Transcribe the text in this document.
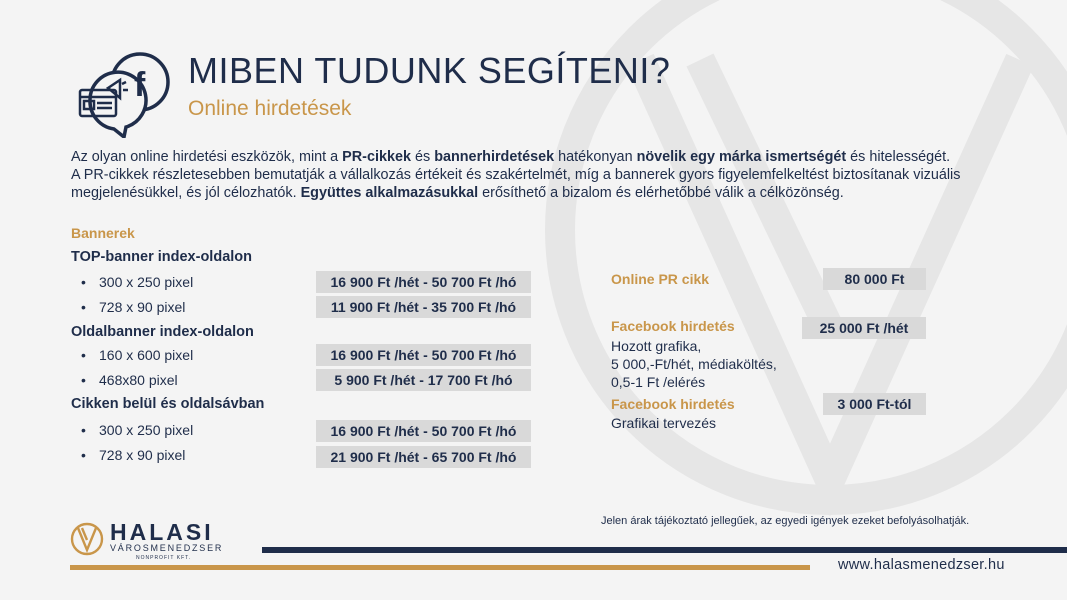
f MIBEN TUDUNK SEGÍTENI?
Online hirdetések
Az olyan online hirdetési eszközök, mint a PR-cikkek és bannerhirdetések hatékonyan növelik egy márka ismertségét és hitelességét.
A PR-cikkek részletesebben bemutatják a vállalkozás értékeit és szakértelmét, míg a bannerek gyors figyelemfelkeltést biztosítanak vizuális megjelenésükkel, és jól célozhatók. Együttes alkalmazásukkal erősíthető a bizalom és elérhetőbbé válik a célközönség.
Bannerek
TOP-banner index-oldalon
• 300 x 250 pixel	16 900 Ft /hét - 50 700 Ft /hó
• 728 x 90 pixel	11 900 Ft /hét - 35 700 Ft /hó
Oldalbanner index-oldalon
• 160 x 600 pixel	16 900 Ft /hét - 50 700 Ft /hó
• 468x80 pixel	5 900 Ft /hét - 17 700 Ft /hó
Cikken belül és oldalsávban
• 300 x 250 pixel	16 900 Ft /hét - 50 700 Ft /hó
• 728 x 90 pixel	21 900 Ft /hét - 65 700 Ft /hó
Online PR cikk	80 000 Ft
Facebook hirdetés	25 000 Ft /hét
Hozott grafika,
5 000,-Ft/hét, médiaköltés,
0,5-1 Ft /elérés
Facebook hirdetés	3 000 Ft-tól
Grafikai tervezés
Jelen árak tájékoztató jellegűek, az egyedi igények ezeket befolyásolhatják.
HALASI
VÁROSMENEDZSER
NONPROFIT KFT.	www.halasmenedzser.hu
